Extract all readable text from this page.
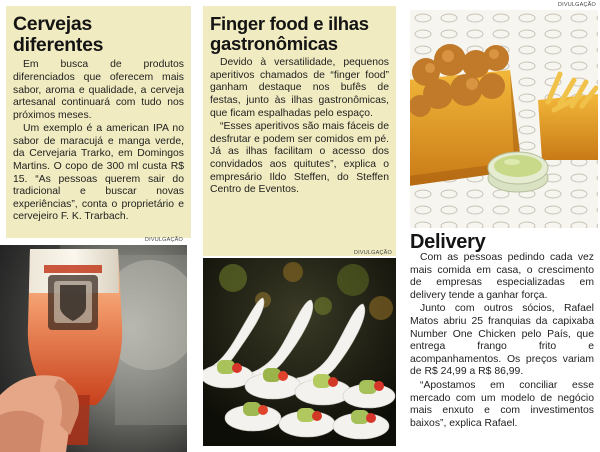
Cervejas diferentes

Em busca de produtos diferenciados que oferecem mais sabor, aroma e qualidade, a cerveja artesanal continuará com tudo nos próximos meses.

Um exemplo é a american IPA no sabor de maracujá e manga verde, da Cervejaria Trarko, em Domingos Martins. O copo de 300 ml custa R$ 15. “As pessoas querem sair do tradicional e buscar novas experiências”, conta o proprietário e cervejeiro F. K. Trarbach.

DIVULGAÇÃO
Finger food e ilhas gastronômicas

Devido à versatilidade, pequenos aperitivos chamados de “finger food” ganham destaque nos bufês de festas, junto às ilhas gastronômicas, que ficam espalhadas pelo espaço.

“Esses aperitivos são mais fáceis de desfrutar e podem ser comidos em pé. Já as ilhas facilitam o acesso dos convidados aos quitutes”, explica o empresário Ildo Steffen, do Steffen Centro de Eventos.

DIVULGAÇÃO
DIVULGAÇÃO
Delivery

Com as pessoas pedindo cada vez mais comida em casa, o crescimento de empresas especializadas em delivery tende a ganhar força.

Junto com outros sócios, Rafael Matos abriu 25 franquias da capixaba Number One Chicken pelo País, que entrega frango frito e acompanhamentos. Os preços variam de R$ 24,99 a R$ 86,99.

“Apostamos em conciliar esse mercado com um modelo de negócio mais enxuto e com investimentos baixos”, explica Rafael.
